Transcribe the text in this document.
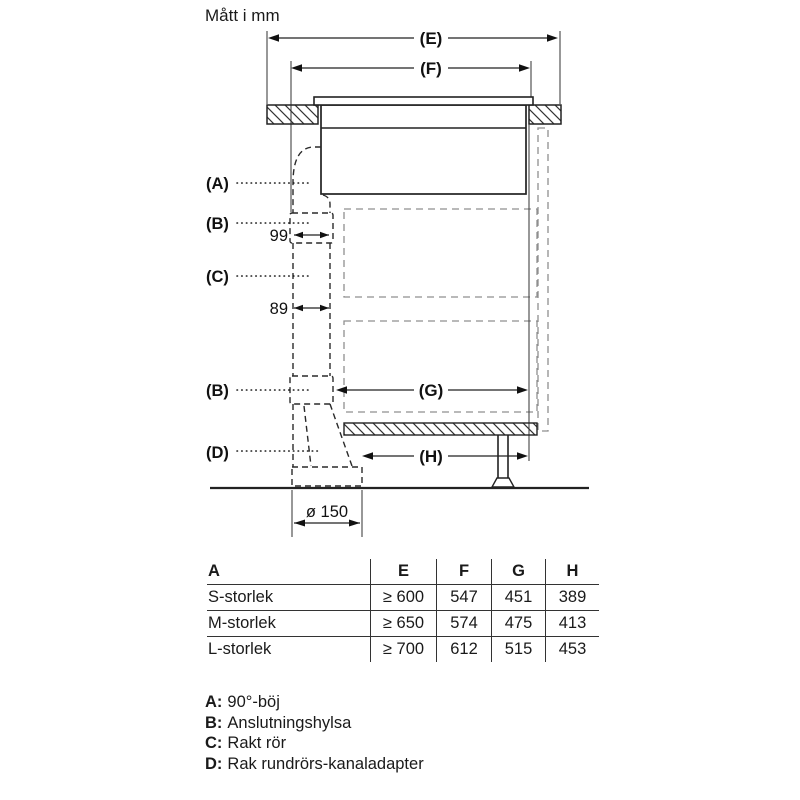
Mått i mm
(E)
(F)
99
89
(A)
(B)
(C)
(B)
(D)
(G)
(H)
ø 150
A	E	F	G	H
S-storlek	≥ 600	547	451	389
M-storlek	≥ 650	574	475	413
L-storlek	≥ 700	612	515	453
A: 90°-böj
B: Anslutningshylsa
C: Rakt rör
D: Rak rundrörs-kanaladapter
